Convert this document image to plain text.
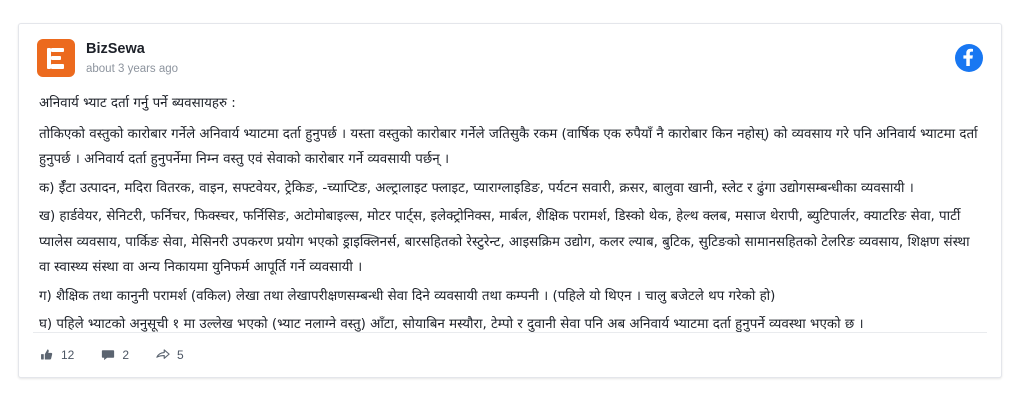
BizSewa
about 3 years ago

अनिवार्य भ्याट दर्ता गर्नु पर्ने ब्यवसायहरु :

तोकिएको वस्तुको कारोबार गर्नेले अनिवार्य भ्याटमा दर्ता हुनुपर्छ । यस्ता वस्तुको कारोबार गर्नेले जतिसुकै रकम (वार्षिक एक रुपैयाँ नै कारोबार किन नहोस्) को व्यवसाय गरे पनि अनिवार्य भ्याटमा दर्ता हुनुपर्छ । अनिवार्य दर्ता हुनुपर्नेमा निम्न वस्तु एवं सेवाको कारोबार गर्ने व्यवसायी पर्छन् ।

क) ईँटा उत्पादन, मदिरा वितरक, वाइन, सफ्टवेयर, ट्रेकिङ, -च्याप्टिङ, अल्ट्रालाइट फ्लाइट, प्याराग्लाइडिङ, पर्यटन सवारी, क्रसर, बालुवा खानी, स्लेट र ढुंगा उद्योगसम्बन्धीका व्यवसायी ।

ख) हार्डवेयर, सेनिटरी, फर्निचर, फिक्स्चर, फर्निसिङ, अटोमोबाइल्स, मोटर पार्ट्स, इलेक्ट्रोनिक्स, मार्बल, शैक्षिक परामर्श, डिस्को थेक, हेल्थ क्लब, मसाज थेरापी, ब्युटिपार्लर, क्याटरिङ सेवा, पार्टी प्यालेस व्यवसाय, पार्किङ सेवा, मेसिनरी उपकरण प्रयोग भएको ड्राइक्लिनर्स, बारसहितको रेस्टुरेन्ट, आइसक्रिम उद्योग, कलर ल्याब, बुटिक, सुटिङको सामानसहितको टेलरिङ व्यवसाय, शिक्षण संस्था वा स्वास्थ्य संस्था वा अन्य निकायमा युनिफर्म आपूर्ति गर्ने व्यवसायी ।

ग) शैक्षिक तथा कानुनी परामर्श (वकिल) लेखा तथा लेखापरीक्षणसम्बन्धी सेवा दिने व्यवसायी तथा कम्पनी । (पहिले यो थिएन । चालु बजेटले थप गरेको हो)

घ) पहिले भ्याटको अनुसूची १ मा उल्लेख भएको (भ्याट नलाग्ने वस्तु) आँटा, सोयाबिन मस्यौरा, टेम्पो र दुवानी सेवा पनि अब अनिवार्य भ्याटमा दर्ता हुनुपर्ने व्यवस्था भएको छ ।

12	2	5
